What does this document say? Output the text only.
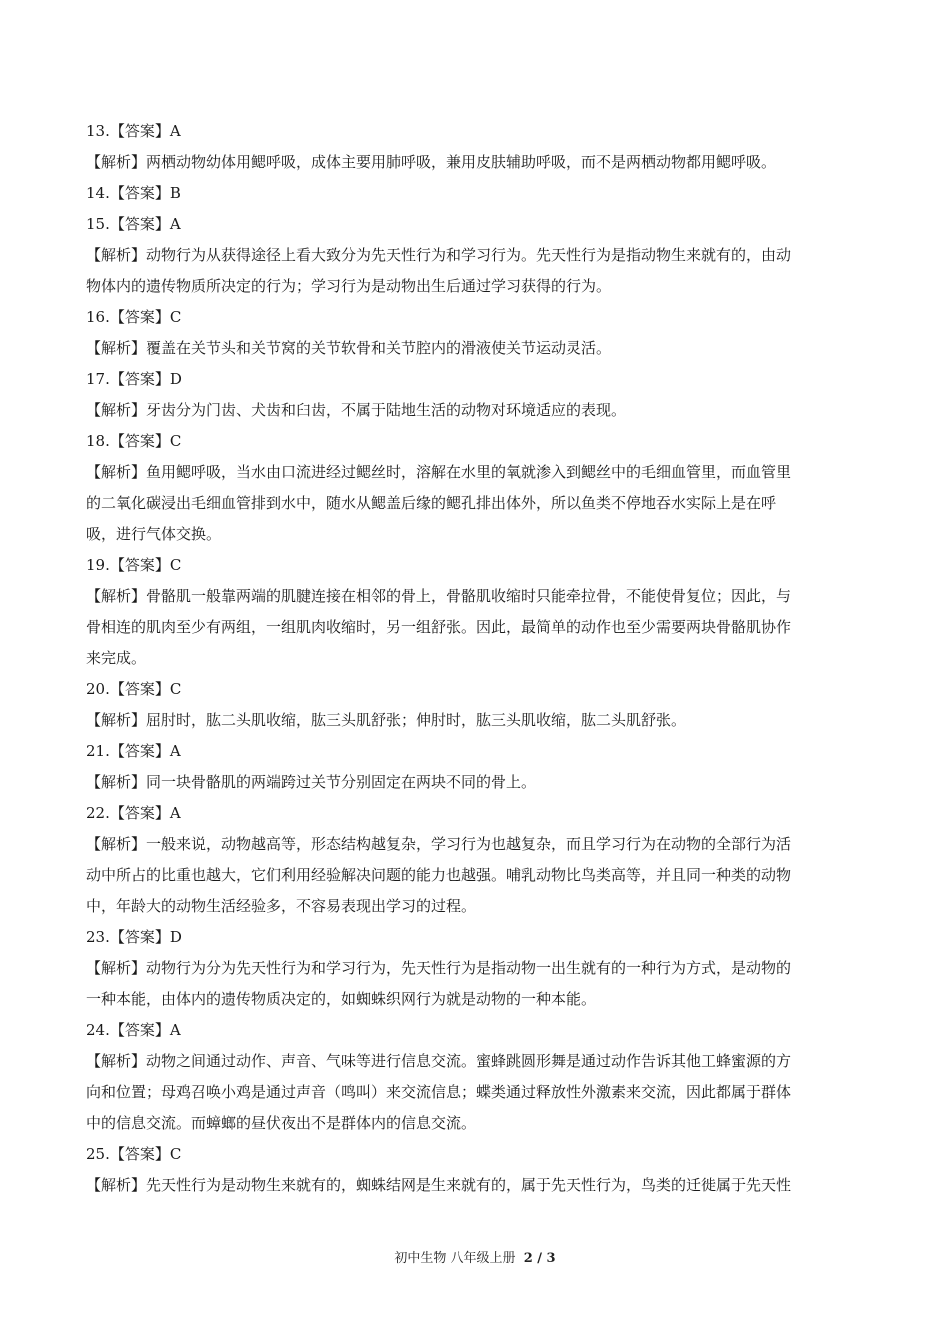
13.【答案】A
【解析】两栖动物幼体用鳃呼吸，成体主要用肺呼吸，兼用皮肤辅助呼吸，而不是两栖动物都用鳃呼吸。
14.【答案】B
15.【答案】A
【解析】动物行为从获得途径上看大致分为先天性行为和学习行为。先天性行为是指动物生来就有的，由动
物体内的遗传物质所决定的行为；学习行为是动物出生后通过学习获得的行为。
16.【答案】C
【解析】覆盖在关节头和关节窝的关节软骨和关节腔内的滑液使关节运动灵活。
17.【答案】D
【解析】牙齿分为门齿、犬齿和臼齿，不属于陆地生活的动物对环境适应的表现。
18.【答案】C
【解析】鱼用鳃呼吸，当水由口流进经过鳃丝时，溶解在水里的氧就渗入到鳃丝中的毛细血管里，而血管里
的二氧化碳浸出毛细血管排到水中，随水从鳃盖后缘的鳃孔排出体外，所以鱼类不停地吞水实际上是在呼
吸，进行气体交换。
19.【答案】C
【解析】骨骼肌一般靠两端的肌腱连接在相邻的骨上，骨骼肌收缩时只能牵拉骨，不能使骨复位；因此，与
骨相连的肌肉至少有两组，一组肌肉收缩时，另一组舒张。因此，最简单的动作也至少需要两块骨骼肌协作
来完成。
20.【答案】C
【解析】屈肘时，肱二头肌收缩，肱三头肌舒张；伸肘时，肱三头肌收缩，肱二头肌舒张。
21.【答案】A
【解析】同一块骨骼肌的两端跨过关节分别固定在两块不同的骨上。
22.【答案】A
【解析】一般来说，动物越高等，形态结构越复杂，学习行为也越复杂，而且学习行为在动物的全部行为活
动中所占的比重也越大，它们利用经验解决问题的能力也越强。哺乳动物比鸟类高等，并且同一种类的动物
中，年龄大的动物生活经验多，不容易表现出学习的过程。
23.【答案】D
【解析】动物行为分为先天性行为和学习行为，先天性行为是指动物一出生就有的一种行为方式，是动物的
一种本能，由体内的遗传物质决定的，如蜘蛛织网行为就是动物的一种本能。
24.【答案】A
【解析】动物之间通过动作、声音、气味等进行信息交流。蜜蜂跳圆形舞是通过动作告诉其他工蜂蜜源的方
向和位置；母鸡召唤小鸡是通过声音（鸣叫）来交流信息；蝶类通过释放性外激素来交流，因此都属于群体
中的信息交流。而蟑螂的昼伏夜出不是群体内的信息交流。
25.【答案】C
【解析】先天性行为是动物生来就有的，蜘蛛结网是生来就有的，属于先天性行为，鸟类的迁徙属于先天性
初中生物 八年级上册 2 / 3
